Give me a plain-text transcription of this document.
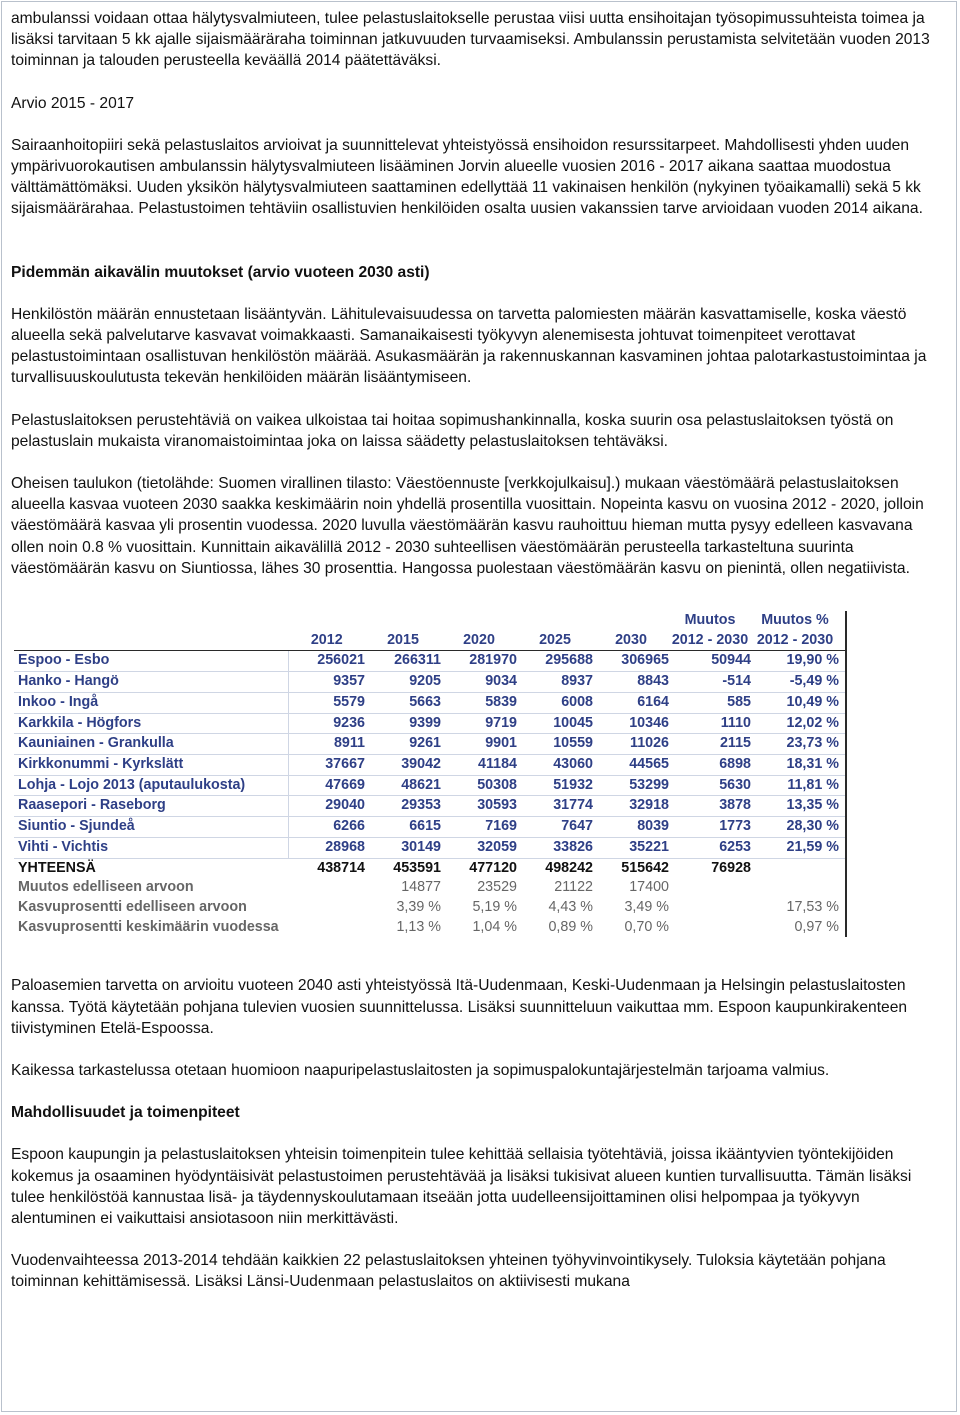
ambulanssi voidaan ottaa hälytysvalmiuteen, tulee pelastuslaitokselle perustaa viisi uutta ensihoitajan työsopimussuhteista toimea ja lisäksi tarvitaan 5 kk ajalle sijaismääräraha toiminnan jatkuvuuden turvaamiseksi. Ambulanssin perustamista selvitetään vuoden 2013 toiminnan ja talouden perusteella keväällä 2014 päätettäväksi.

Arvio 2015 - 2017

Sairaanhoitopiiri sekä pelastuslaitos arvioivat ja suunnittelevat yhteistyössä ensihoidon resurssitarpeet. Mahdollisesti yhden uuden ympärivuorokautisen ambulanssin hälytysvalmiuteen lisääminen Jorvin alueelle vuosien 2016 - 2017 aikana saattaa muodostua välttämättömäksi. Uuden yksikön hälytysvalmiuteen saattaminen edellyttää 11 vakinaisen henkilön (nykyinen työaikamalli) sekä 5 kk sijaismäärärahaa. Pelastustoimen tehtäviin osallistuvien henkilöiden osalta uusien vakanssien tarve arvioidaan vuoden 2014 aikana.

Pidemmän aikavälin muutokset (arvio vuoteen 2030 asti)

Henkilöstön määrän ennustetaan lisääntyvän. Lähitulevaisuudessa on tarvetta palomiesten määrän kasvattamiselle, koska väestö alueella sekä palvelutarve kasvavat voimakkaasti. Samanaikaisesti työkyvyn alenemisesta johtuvat toimenpiteet verottavat pelastustoimintaan osallistuvan henkilöstön määrää. Asukasmäärän ja rakennuskannan kasvaminen johtaa palotarkastustoimintaa ja turvallisuuskoulutusta tekevän henkilöiden määrän lisääntymiseen.

Pelastuslaitoksen perustehtäviä on vaikea ulkoistaa tai hoitaa sopimushankinnalla, koska suurin osa pelastuslaitoksen työstä on pelastuslain mukaista viranomaistoimintaa joka on laissa säädetty pelastuslaitoksen tehtäväksi.

Oheisen taulukon (tietolähde: Suomen virallinen tilasto: Väestöennuste [verkkojulkaisu].) mukaan väestömäärä pelastuslaitoksen alueella kasvaa vuoteen 2030 saakka keskimäärin noin yhdellä prosentilla vuosittain. Nopeinta kasvu on vuosina 2012 - 2020, jolloin väestömäärä kasvaa yli prosentin vuodessa. 2020 luvulla väestömäärän kasvu rauhoittuu hieman mutta pysyy edelleen kasvavana ollen noin 0.8 % vuosittain. Kunnittain aikavälillä 2012 - 2030 suhteellisen väestömäärän perusteella tarkasteltuna suurinta väestömäärän kasvu on Siuntiossa, lähes 30 prosenttia. Hangossa puolestaan väestömäärän kasvu on pienintä, ollen negatiivista.

						Muutos	Muutos %
	2012	2015	2020	2025	2030	2012 - 2030	2012 - 2030
Espoo - Esbo	256021	266311	281970	295688	306965	50944	19,90 %
Hanko - Hangö	9357	9205	9034	8937	8843	-514	-5,49 %
Inkoo - Ingå	5579	5663	5839	6008	6164	585	10,49 %
Karkkila - Högfors	9236	9399	9719	10045	10346	1110	12,02 %
Kauniainen - Grankulla	8911	9261	9901	10559	11026	2115	23,73 %
Kirkkonummi - Kyrkslätt	37667	39042	41184	43060	44565	6898	18,31 %
Lohja - Lojo 2013 (aputaulukosta)	47669	48621	50308	51932	53299	5630	11,81 %
Raasepori - Raseborg	29040	29353	30593	31774	32918	3878	13,35 %
Siuntio - Sjundeå	6266	6615	7169	7647	8039	1773	28,30 %
Vihti - Vichtis	28968	30149	32059	33826	35221	6253	21,59 %
YHTEENSÄ	438714	453591	477120	498242	515642	76928	
Muutos edelliseen arvoon		14877	23529	21122	17400		
Kasvuprosentti edelliseen arvoon		3,39 %	5,19 %	4,43 %	3,49 %		17,53 %
Kasvuprosentti keskimäärin vuodessa		1,13 %	1,04 %	0,89 %	0,70 %		0,97 %

Paloasemien tarvetta on arvioitu vuoteen 2040 asti yhteistyössä Itä-Uudenmaan, Keski-Uudenmaan ja Helsingin pelastuslaitosten kanssa. Työtä käytetään pohjana tulevien vuosien suunnittelussa. Lisäksi suunnitteluun vaikuttaa mm. Espoon kaupunkirakenteen tiivistyminen Etelä-Espoossa.

Kaikessa tarkastelussa otetaan huomioon naapuripelastuslaitosten ja sopimuspalokuntajärjestelmän tarjoama valmius.

Mahdollisuudet ja toimenpiteet

Espoon kaupungin ja pelastuslaitoksen yhteisin toimenpitein tulee kehittää sellaisia työtehtäviä, joissa ikääntyvien työntekijöiden kokemus ja osaaminen hyödyntäisivät pelastustoimen perustehtävää ja lisäksi tukisivat alueen kuntien turvallisuutta. Tämän lisäksi tulee henkilöstöä kannustaa lisä- ja täydennyskoulutamaan itseään jotta uudelleensijoittaminen olisi helpompaa ja työkyvyn alentuminen ei vaikuttaisi ansiotasoon niin merkittävästi.

Vuodenvaihteessa 2013-2014 tehdään kaikkien 22 pelastuslaitoksen yhteinen työhyvinvointikysely. Tuloksia käytetään pohjana toiminnan kehittämisessä. Lisäksi Länsi-Uudenmaan pelastuslaitos on aktiivisesti mukana
